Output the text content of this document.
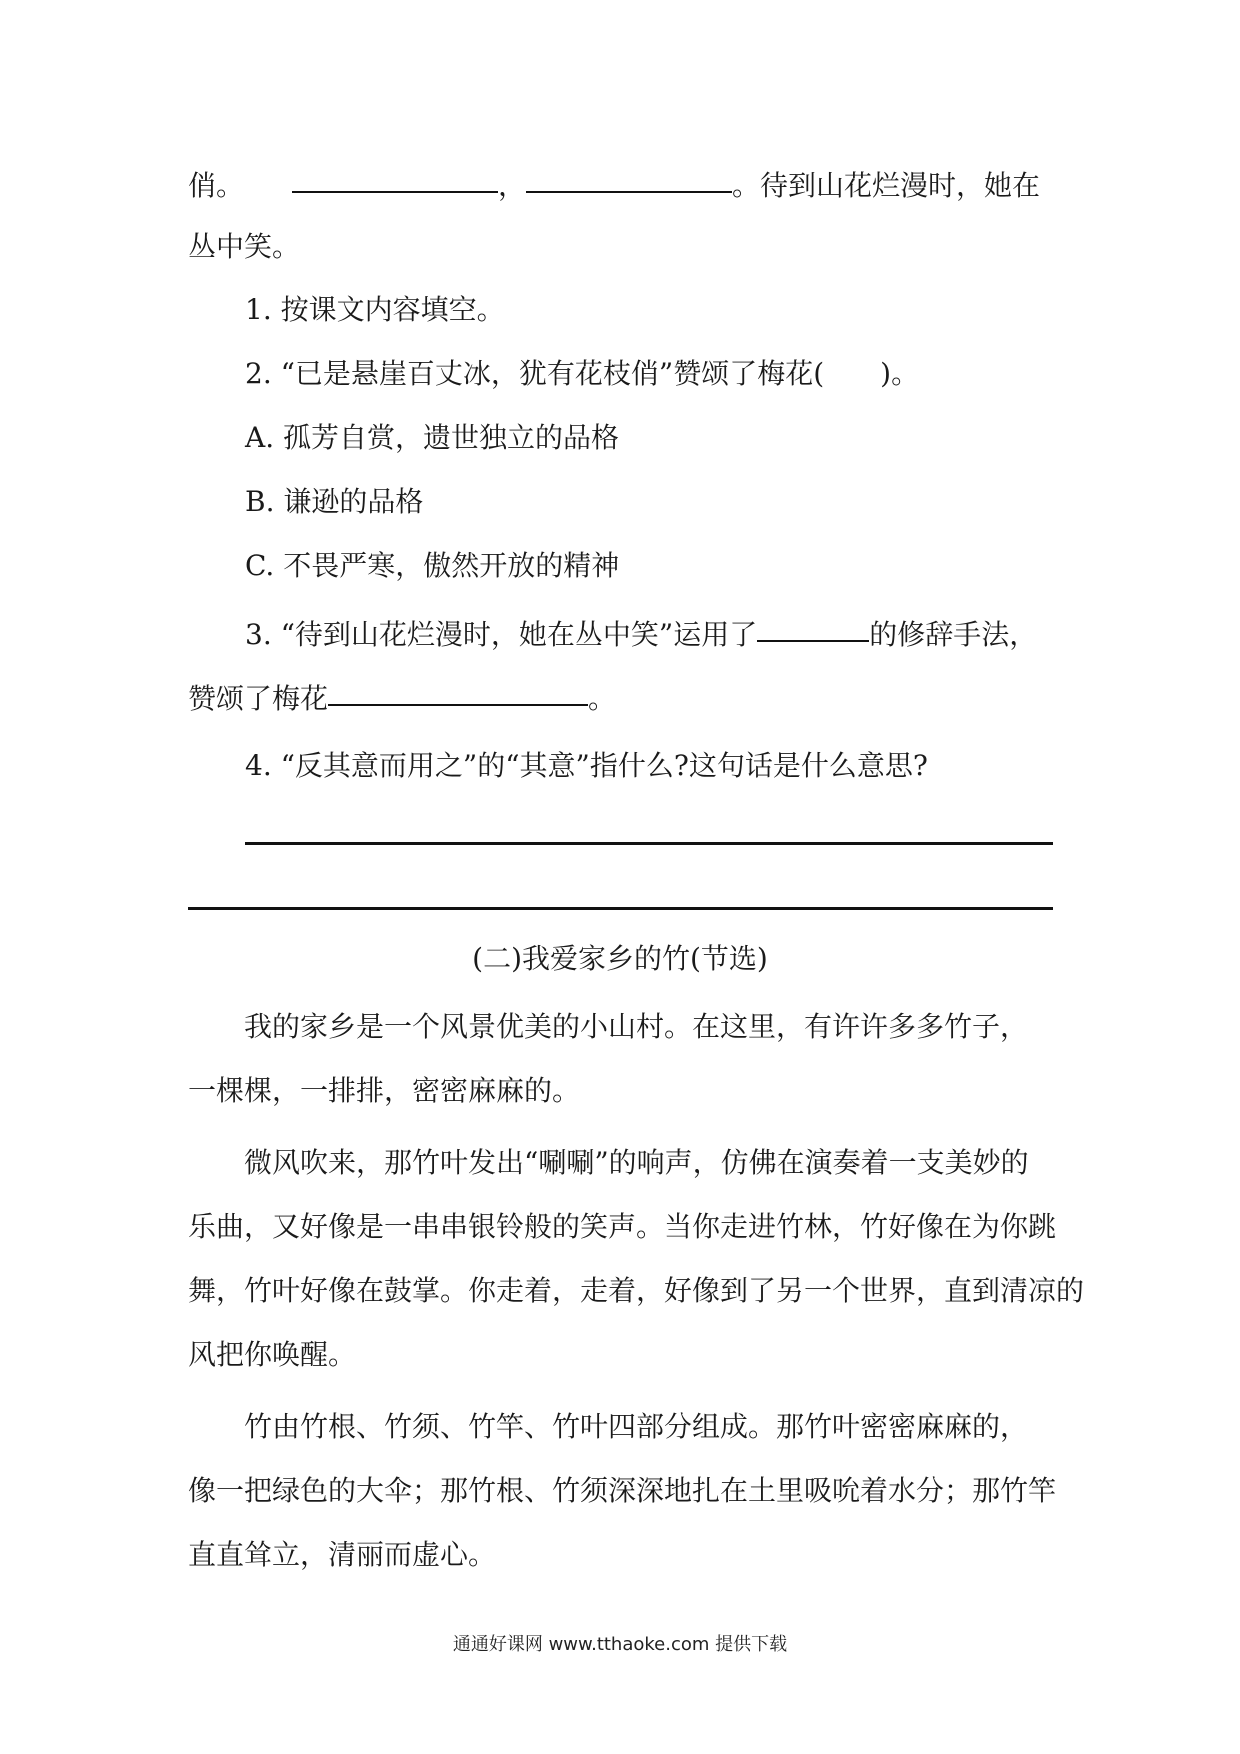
俏。	，	。待到山花烂漫时，她在
丛中笑。
1. 按课文内容填空。
2. “已是悬崖百丈冰，犹有花枝俏”赞颂了梅花(　　)。
A. 孤芳自赏，遗世独立的品格
B. 谦逊的品格
C. 不畏严寒，傲然开放的精神
3. “待到山花烂漫时，她在丛中笑”运用了	的修辞手法，
赞颂了梅花	。
4. “反其意而用之”的“其意”指什么?这句话是什么意思?
(二)我爱家乡的竹(节选)
　　我的家乡是一个风景优美的小山村。在这里，有许许多多竹子，
一棵棵，一排排，密密麻麻的。
　　微风吹来，那竹叶发出“唰唰”的响声，仿佛在演奏着一支美妙的
乐曲，又好像是一串串银铃般的笑声。当你走进竹林，竹好像在为你跳
舞，竹叶好像在鼓掌。你走着，走着，好像到了另一个世界，直到清凉的
风把你唤醒。
　　竹由竹根、竹须、竹竿、竹叶四部分组成。那竹叶密密麻麻的，
像一把绿色的大伞；那竹根、竹须深深地扎在土里吸吮着水分；那竹竿
直直耸立，清丽而虚心。
通通好课网 www.tthaoke.com 提供下载
